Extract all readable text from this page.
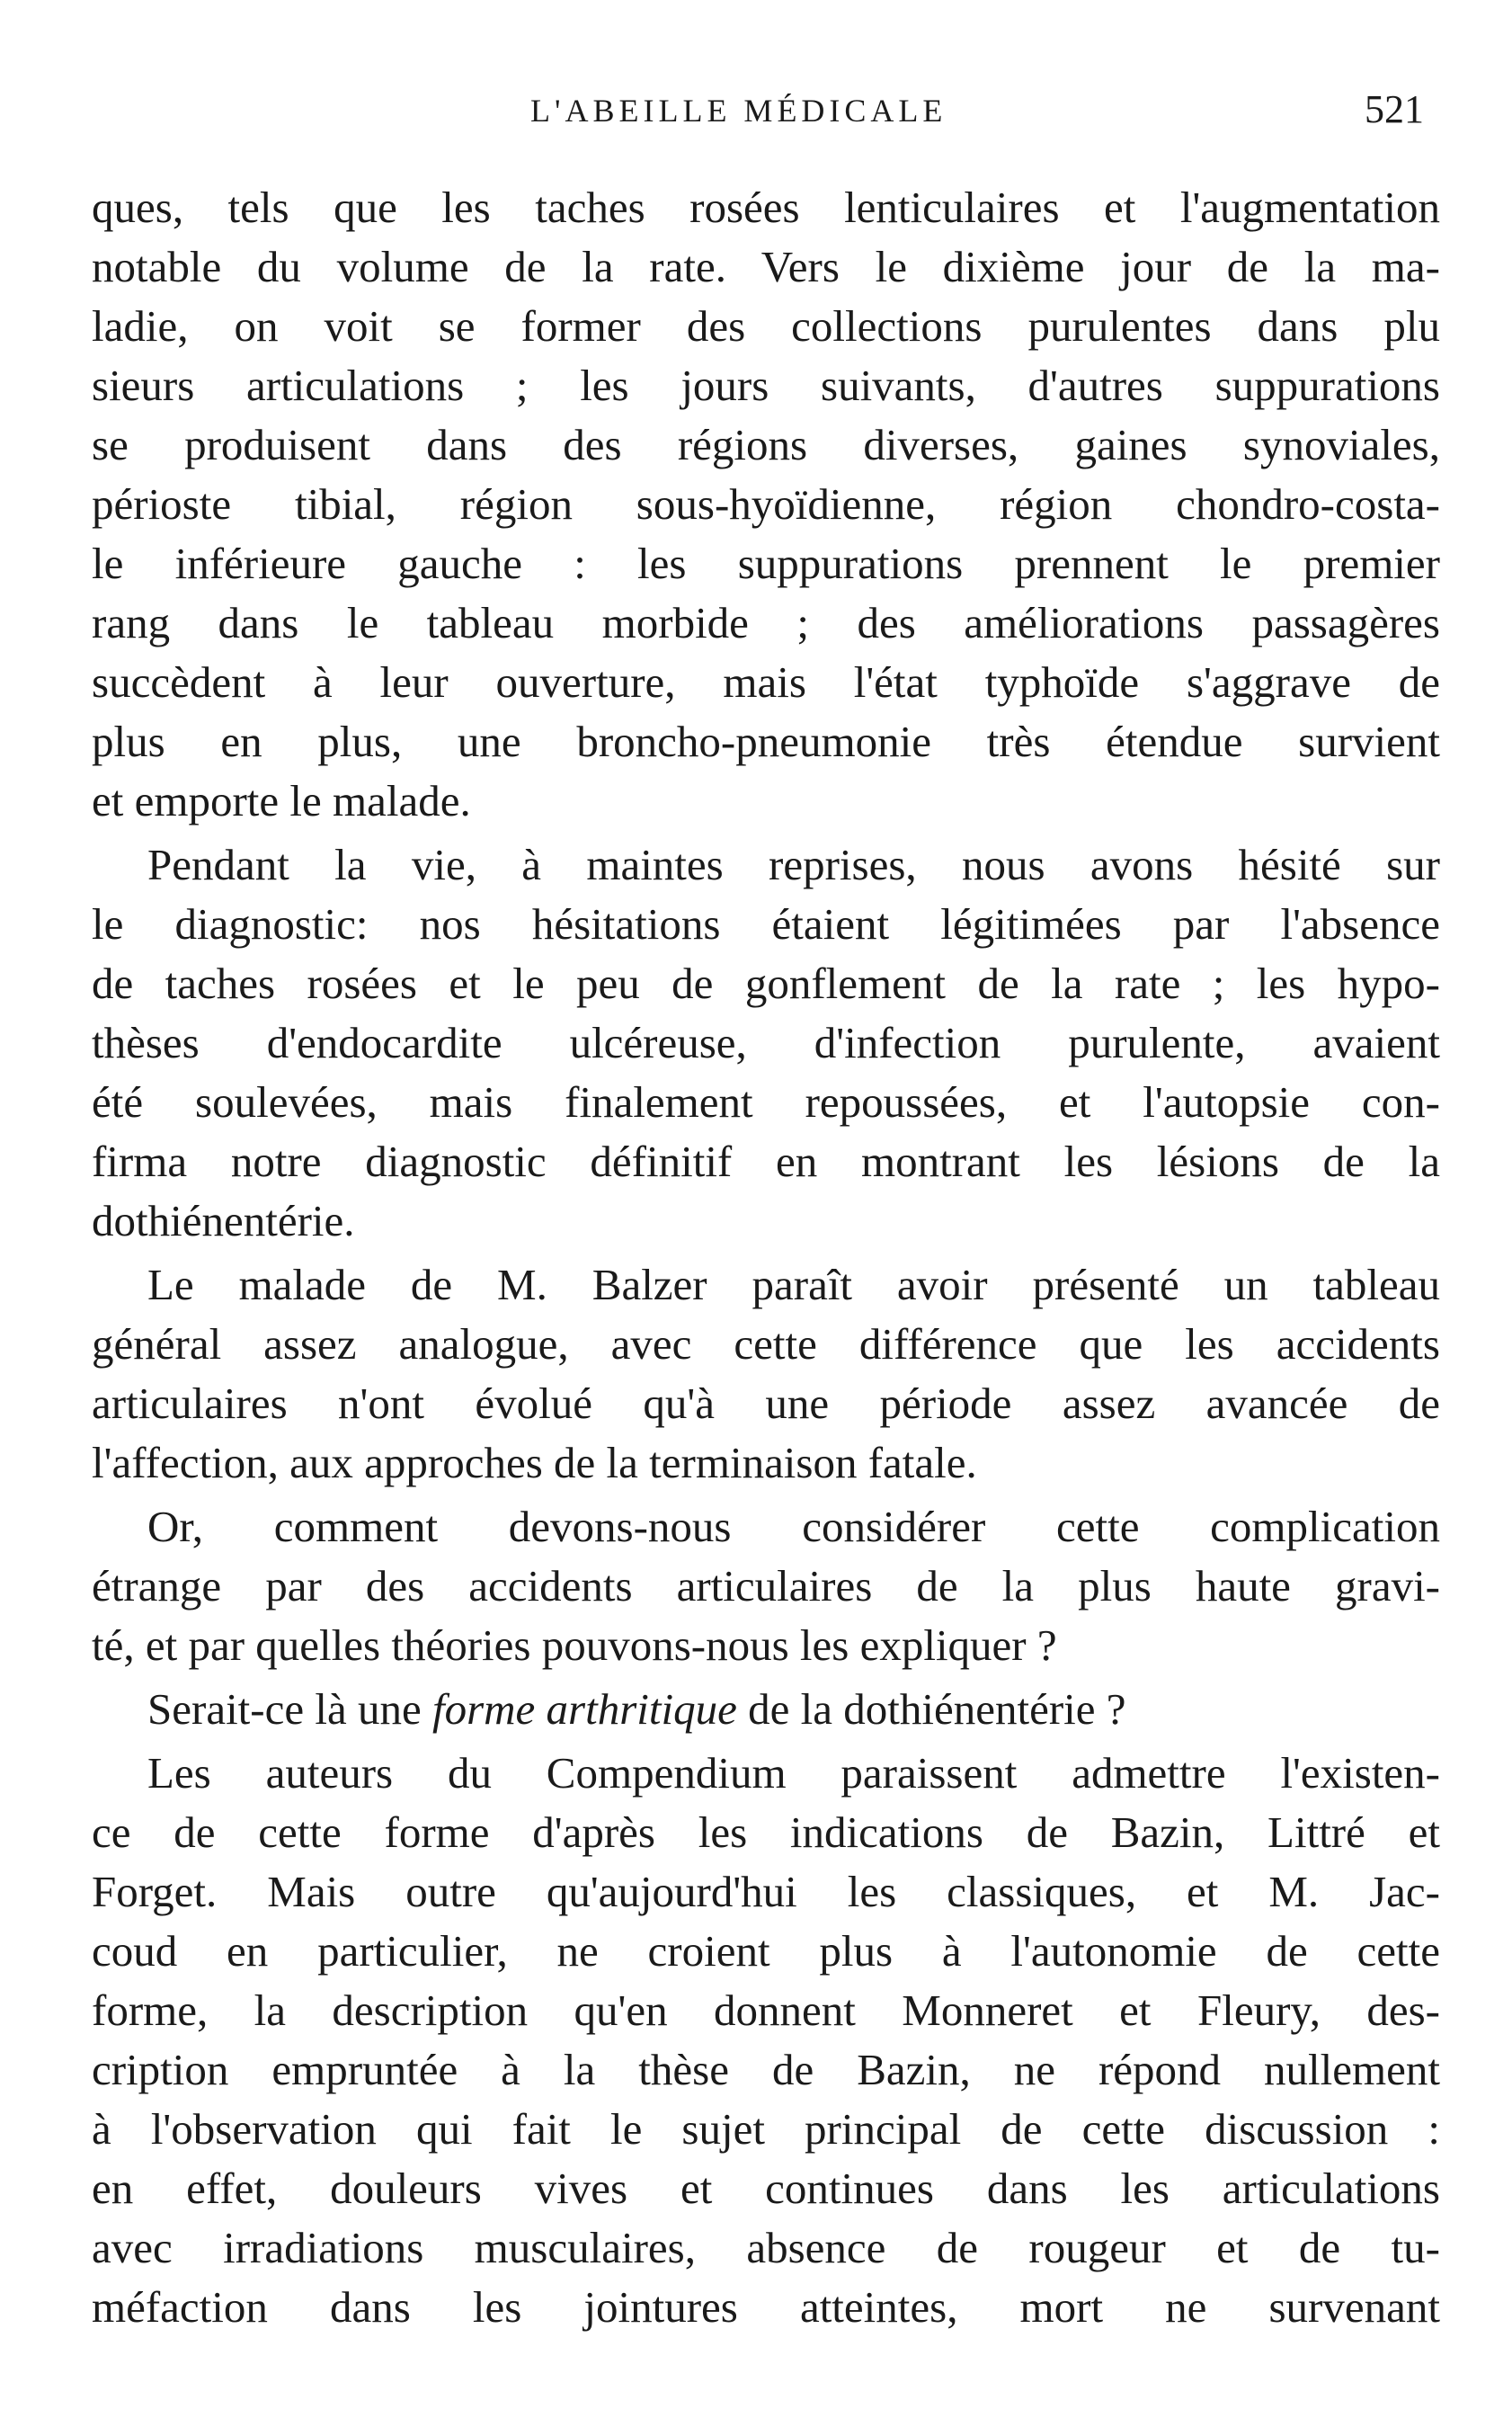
L'ABEILLE MÉDICALE	521
ques, tels que les taches rosées lenticulaires et l'augmentation
notable du volume de la rate. Vers le dixième jour de la ma-
ladie, on voit se former des collections purulentes dans plu
sieurs articulations ; les jours suivants, d'autres suppurations
se produisent dans des régions diverses, gaines synoviales,
périoste tibial, région sous-hyoïdienne, région chondro-costa-
le inférieure gauche : les suppurations prennent le premier
rang dans le tableau morbide ; des améliorations passagères
succèdent à leur ouverture, mais l'état typhoïde s'aggrave de
plus en plus, une broncho-pneumonie très étendue survient
et emporte le malade.
Pendant la vie, à maintes reprises, nous avons hésité sur
le diagnostic: nos hésitations étaient légitimées par l'absence
de taches rosées et le peu de gonflement de la rate ; les hypo-
thèses d'endocardite ulcéreuse, d'infection purulente, avaient
été soulevées, mais finalement repoussées, et l'autopsie con-
firma notre diagnostic définitif en montrant les lésions de la
dothiénentérie.
Le malade de M. Balzer paraît avoir présenté un tableau
général assez analogue, avec cette différence que les accidents
articulaires n'ont évolué qu'à une période assez avancée de
l'affection, aux approches de la terminaison fatale.
Or, comment devons-nous considérer cette complication
étrange par des accidents articulaires de la plus haute gravi-
té, et par quelles théories pouvons-nous les expliquer ?
Serait-ce là une forme arthritique de la dothiénentérie ?
Les auteurs du Compendium paraissent admettre l'existen-
ce de cette forme d'après les indications de Bazin, Littré et
Forget. Mais outre qu'aujourd'hui les classiques, et M. Jac-
coud en particulier, ne croient plus à l'autonomie de cette
forme, la description qu'en donnent Monneret et Fleury, des-
cription empruntée à la thèse de Bazin, ne répond nullement
à l'observation qui fait le sujet principal de cette discussion :
en effet, douleurs vives et continues dans les articulations
avec irradiations musculaires, absence de rougeur et de tu-
méfaction dans les jointures atteintes, mort ne survenant
